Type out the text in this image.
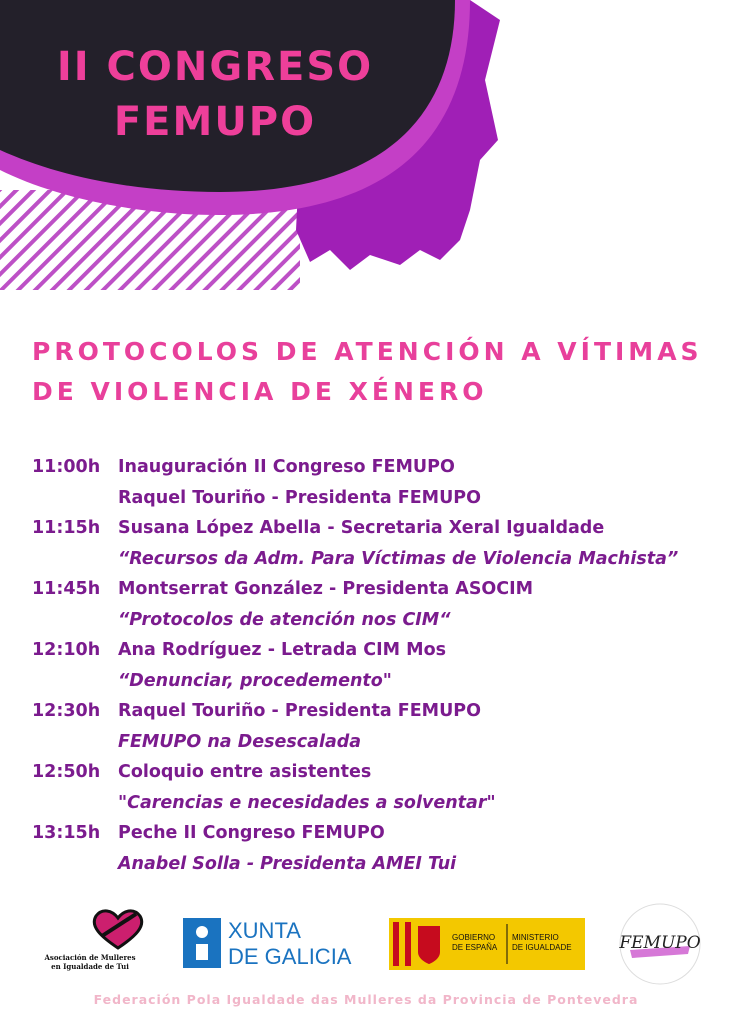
II CONGRESO
FEMUPO
PROTOCOLOS DE ATENCIÓN A VÍTIMAS
DE VIOLENCIA DE XÉNERO
11:00h	Inauguración II Congreso FEMUPO
Raquel Touriño - Presidenta FEMUPO
11:15h	Susana López Abella - Secretaria Xeral Igualdade
“Recursos da Adm. Para Víctimas de Violencia Machista”
11:45h	Montserrat González - Presidenta ASOCIM
“Protocolos de atención nos CIM“
12:10h	Ana Rodríguez - Letrada CIM Mos
“Denunciar, procedemento"
12:30h	Raquel Touriño - Presidenta FEMUPO
FEMUPO na Desescalada
12:50h	Coloquio entre asistentes
"Carencias e necesidades a solventar"
13:15h	Peche II Congreso FEMUPO
Anabel Solla - Presidenta AMEI Tui
Asociación de Mulleres
en Igualdade de Tui
XUNTA
DE GALICIA
GOBIERNO
DE ESPAÑA
MINISTERIO
DE IGUALDADE	FEMUPO
Federación Pola Igualdade das Mulleres da Provincia de Pontevedra
